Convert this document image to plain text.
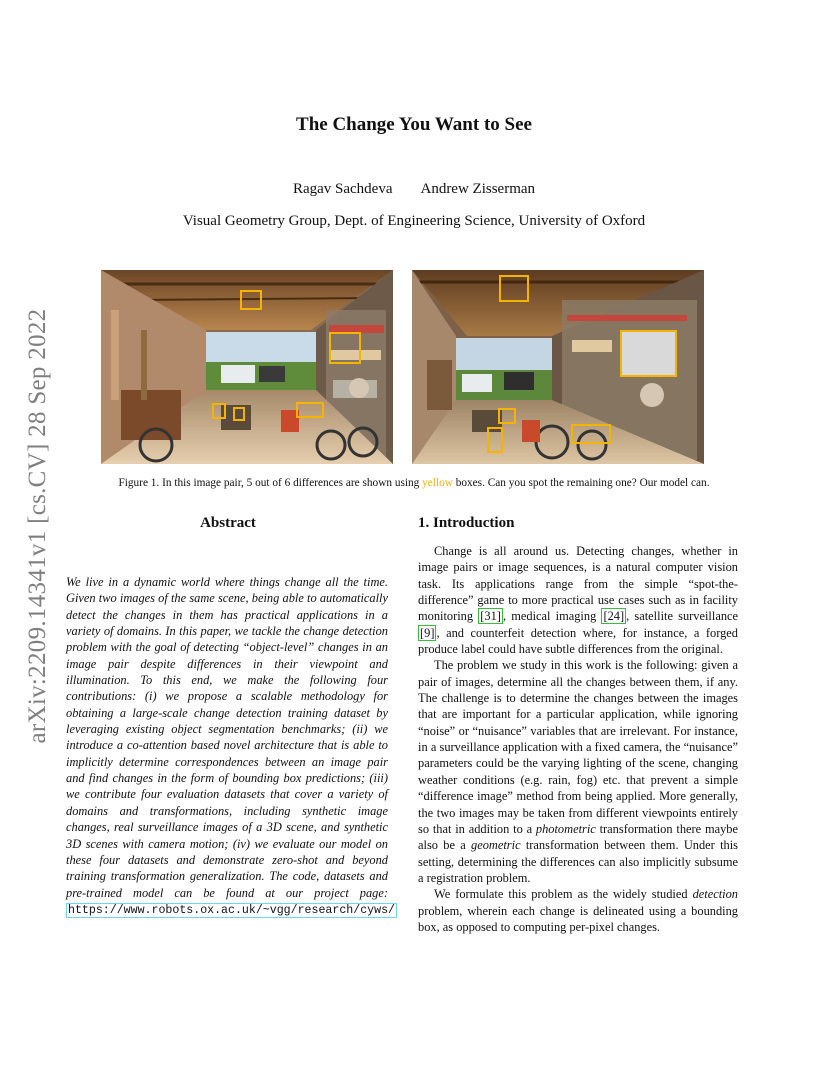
arXiv:2209.14341v1 [cs.CV] 28 Sep 2022
The Change You Want to See
Ragav Sachdeva Andrew Zisserman
Visual Geometry Group, Dept. of Engineering Science, University of Oxford
Figure 1. In this image pair, 5 out of 6 differences are shown using yellow boxes. Can you spot the remaining one? Our model can.
Abstract	1. Introduction
We live in a dynamic world where things change all the time. Given two images of the same scene, being able to automatically detect the changes in them has practical applications in a variety of domains. In this paper, we tackle the change detection problem with the goal of detecting “object-level” changes in an image pair despite differences in their viewpoint and illumination. To this end, we make the following four contributions: (i) we propose a scalable methodology for obtaining a large-scale change detection training dataset by leveraging existing object segmentation benchmarks; (ii) we introduce a co-attention based novel architecture that is able to implicitly determine correspondences between an image pair and find changes in the form of bounding box predictions; (iii) we contribute four evaluation datasets that cover a variety of domains and transformations, including synthetic image changes, real surveillance images of a 3D scene, and synthetic 3D scenes with camera motion; (iv) we evaluate our model on these four datasets and demonstrate zero-shot and beyond training transformation generalization. The code, datasets and pre-trained model can be found at our project page: https://www.robots.ox.ac.uk/~vgg/research/cyws/

Change is all around us. Detecting changes, whether in image pairs or image sequences, is a natural computer vision task. Its applications range from the simple “spot-the-difference” game to more practical use cases such as in facility monitoring [31] , medical imaging [24] , satellite surveillance [9] , and counterfeit detection where, for instance, a forged produce label could have subtle differences from the original.

The problem we study in this work is the following: given a pair of images, determine all the changes between them, if any. The challenge is to determine the changes between the images that are important for a particular application, while ignoring “noise” or “nuisance” variables that are irrelevant. For instance, in a surveillance application with a fixed camera, the “nuisance” parameters could be the varying lighting of the scene, changing weather conditions (e.g. rain, fog) etc. that prevent a simple “difference image” method from being applied. More generally, the two images may be taken from different viewpoints entirely so that in addition to a photometric transformation there maybe also be a geometric transformation between them. Under this setting, determining the differences can also implicitly subsume a registration problem.

We formulate this problem as the widely studied detection problem, wherein each change is delineated using a bounding box, as opposed to computing per-pixel changes.
